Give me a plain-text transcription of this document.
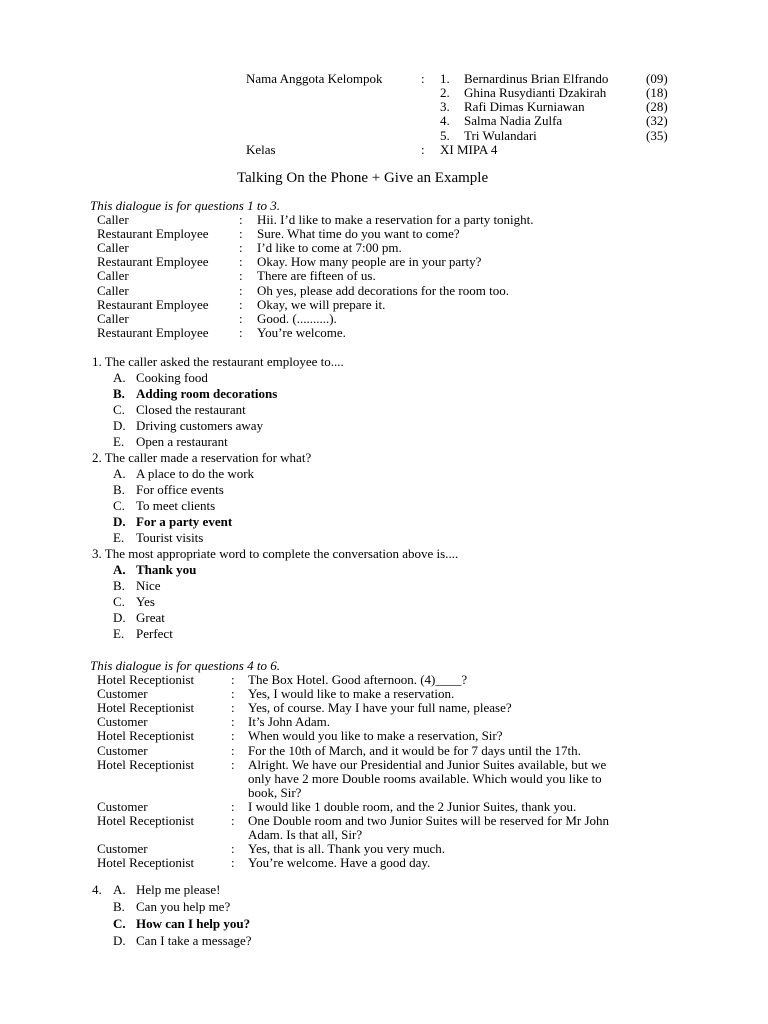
Nama Anggota Kelompok	: 1. Bernardinus Brian Elfrando	(09)
2. Ghina Rusydianti Dzakirah	(18)
3. Rafi Dimas Kurniawan	(28)
4. Salma Nadia Zulfa	(32)
5. Tri Wulandari	(35)
Kelas	: XI MIPA 4
Talking On the Phone + Give an Example
This dialogue is for questions 1 to 3.
Caller	: Hii. I’d like to make a reservation for a party tonight.
Restaurant Employee : Sure. What time do you want to come?
Caller	: I’d like to come at 7:00 pm.
Restaurant Employee : Okay. How many people are in your party?
Caller	: There are fifteen of us.
Caller	: Oh yes, please add decorations for the room too.
Restaurant Employee : Okay, we will prepare it.
Caller	: Good. (..........).
Restaurant Employee : You’re welcome.
1. The caller asked the restaurant employee to....
A. Cooking food
B. Adding room decorations
C. Closed the restaurant
D. Driving customers away
E. Open a restaurant
2. The caller made a reservation for what?
A. A place to do the work
B. For office events
C. To meet clients
D. For a party event
E. Tourist visits
3. The most appropriate word to complete the conversation above is....
A. Thank you
B. Nice
C. Yes
D. Great
E. Perfect
This dialogue is for questions 4 to 6.
Hotel Receptionist	: The Box Hotel. Good afternoon. (4)____?
Customer	: Yes, I would like to make a reservation.
Hotel Receptionist	: Yes, of course. May I have your full name, please?
Customer	: It’s John Adam.
Hotel Receptionist	: When would you like to make a reservation, Sir?
Customer	: For the 10th of March, and it would be for 7 days until the 17th.
Hotel Receptionist	: Alright. We have our Presidential and Junior Suites available, but we
only have 2 more Double rooms available. Which would you like to
book, Sir?
Customer	: I would like 1 double room, and the 2 Junior Suites, thank you.
Hotel Receptionist	: One Double room and two Junior Suites will be reserved for Mr John
Adam. Is that all, Sir?
Customer	: Yes, that is all. Thank you very much.
Hotel Receptionist	: You’re welcome. Have a good day.
4. A. Help me please!
B. Can you help me?
C. How can I help you?
D. Can I take a message?
